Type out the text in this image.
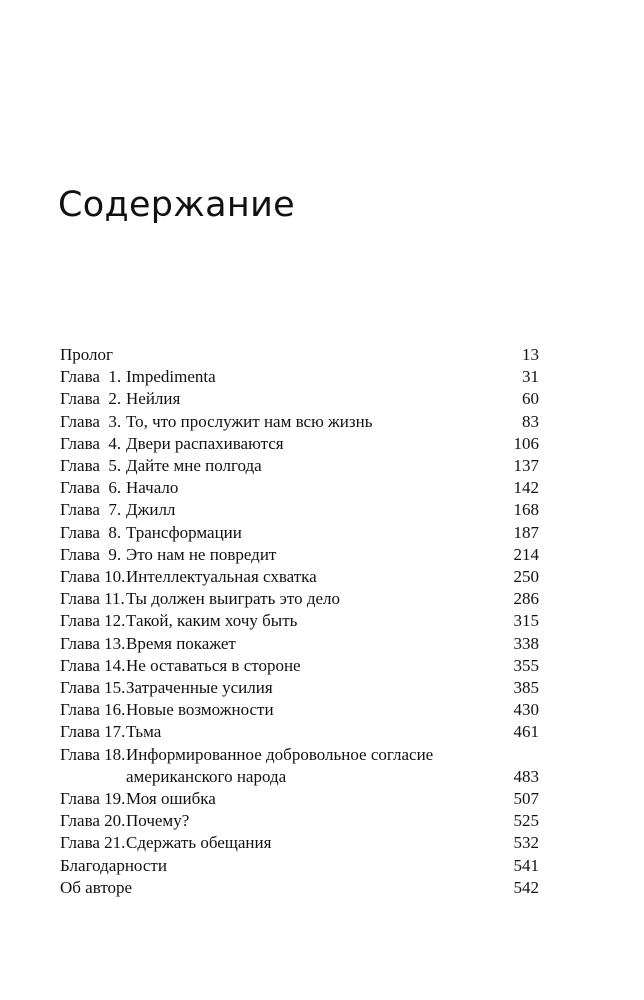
Содержание
Пролог	13
Глава  1. Impedimenta	31
Глава  2. Нейлия	60
Глава  3. То, что прослужит нам всю жизнь	83
Глава  4. Двери распахиваются	106
Глава  5. Дайте мне полгода	137
Глава  6. Начало	142
Глава  7. Джилл	168
Глава  8. Трансформации	187
Глава  9. Это нам не повредит	214
Глава 10. Интеллектуальная схватка	250
Глава 11. Ты должен выиграть это дело	286
Глава 12. Такой, каким хочу быть	315
Глава 13. Время покажет	338
Глава 14. Не оставаться в стороне	355
Глава 15. Затраченные усилия	385
Глава 16. Новые возможности	430
Глава 17. Тьма	461
Глава 18. Информированное добровольное согласие
американского народа	483
Глава 19. Моя ошибка	507
Глава 20. Почему?	525
Глава 21. Сдержать обещания	532
Благодарности	541
Об авторе	542
